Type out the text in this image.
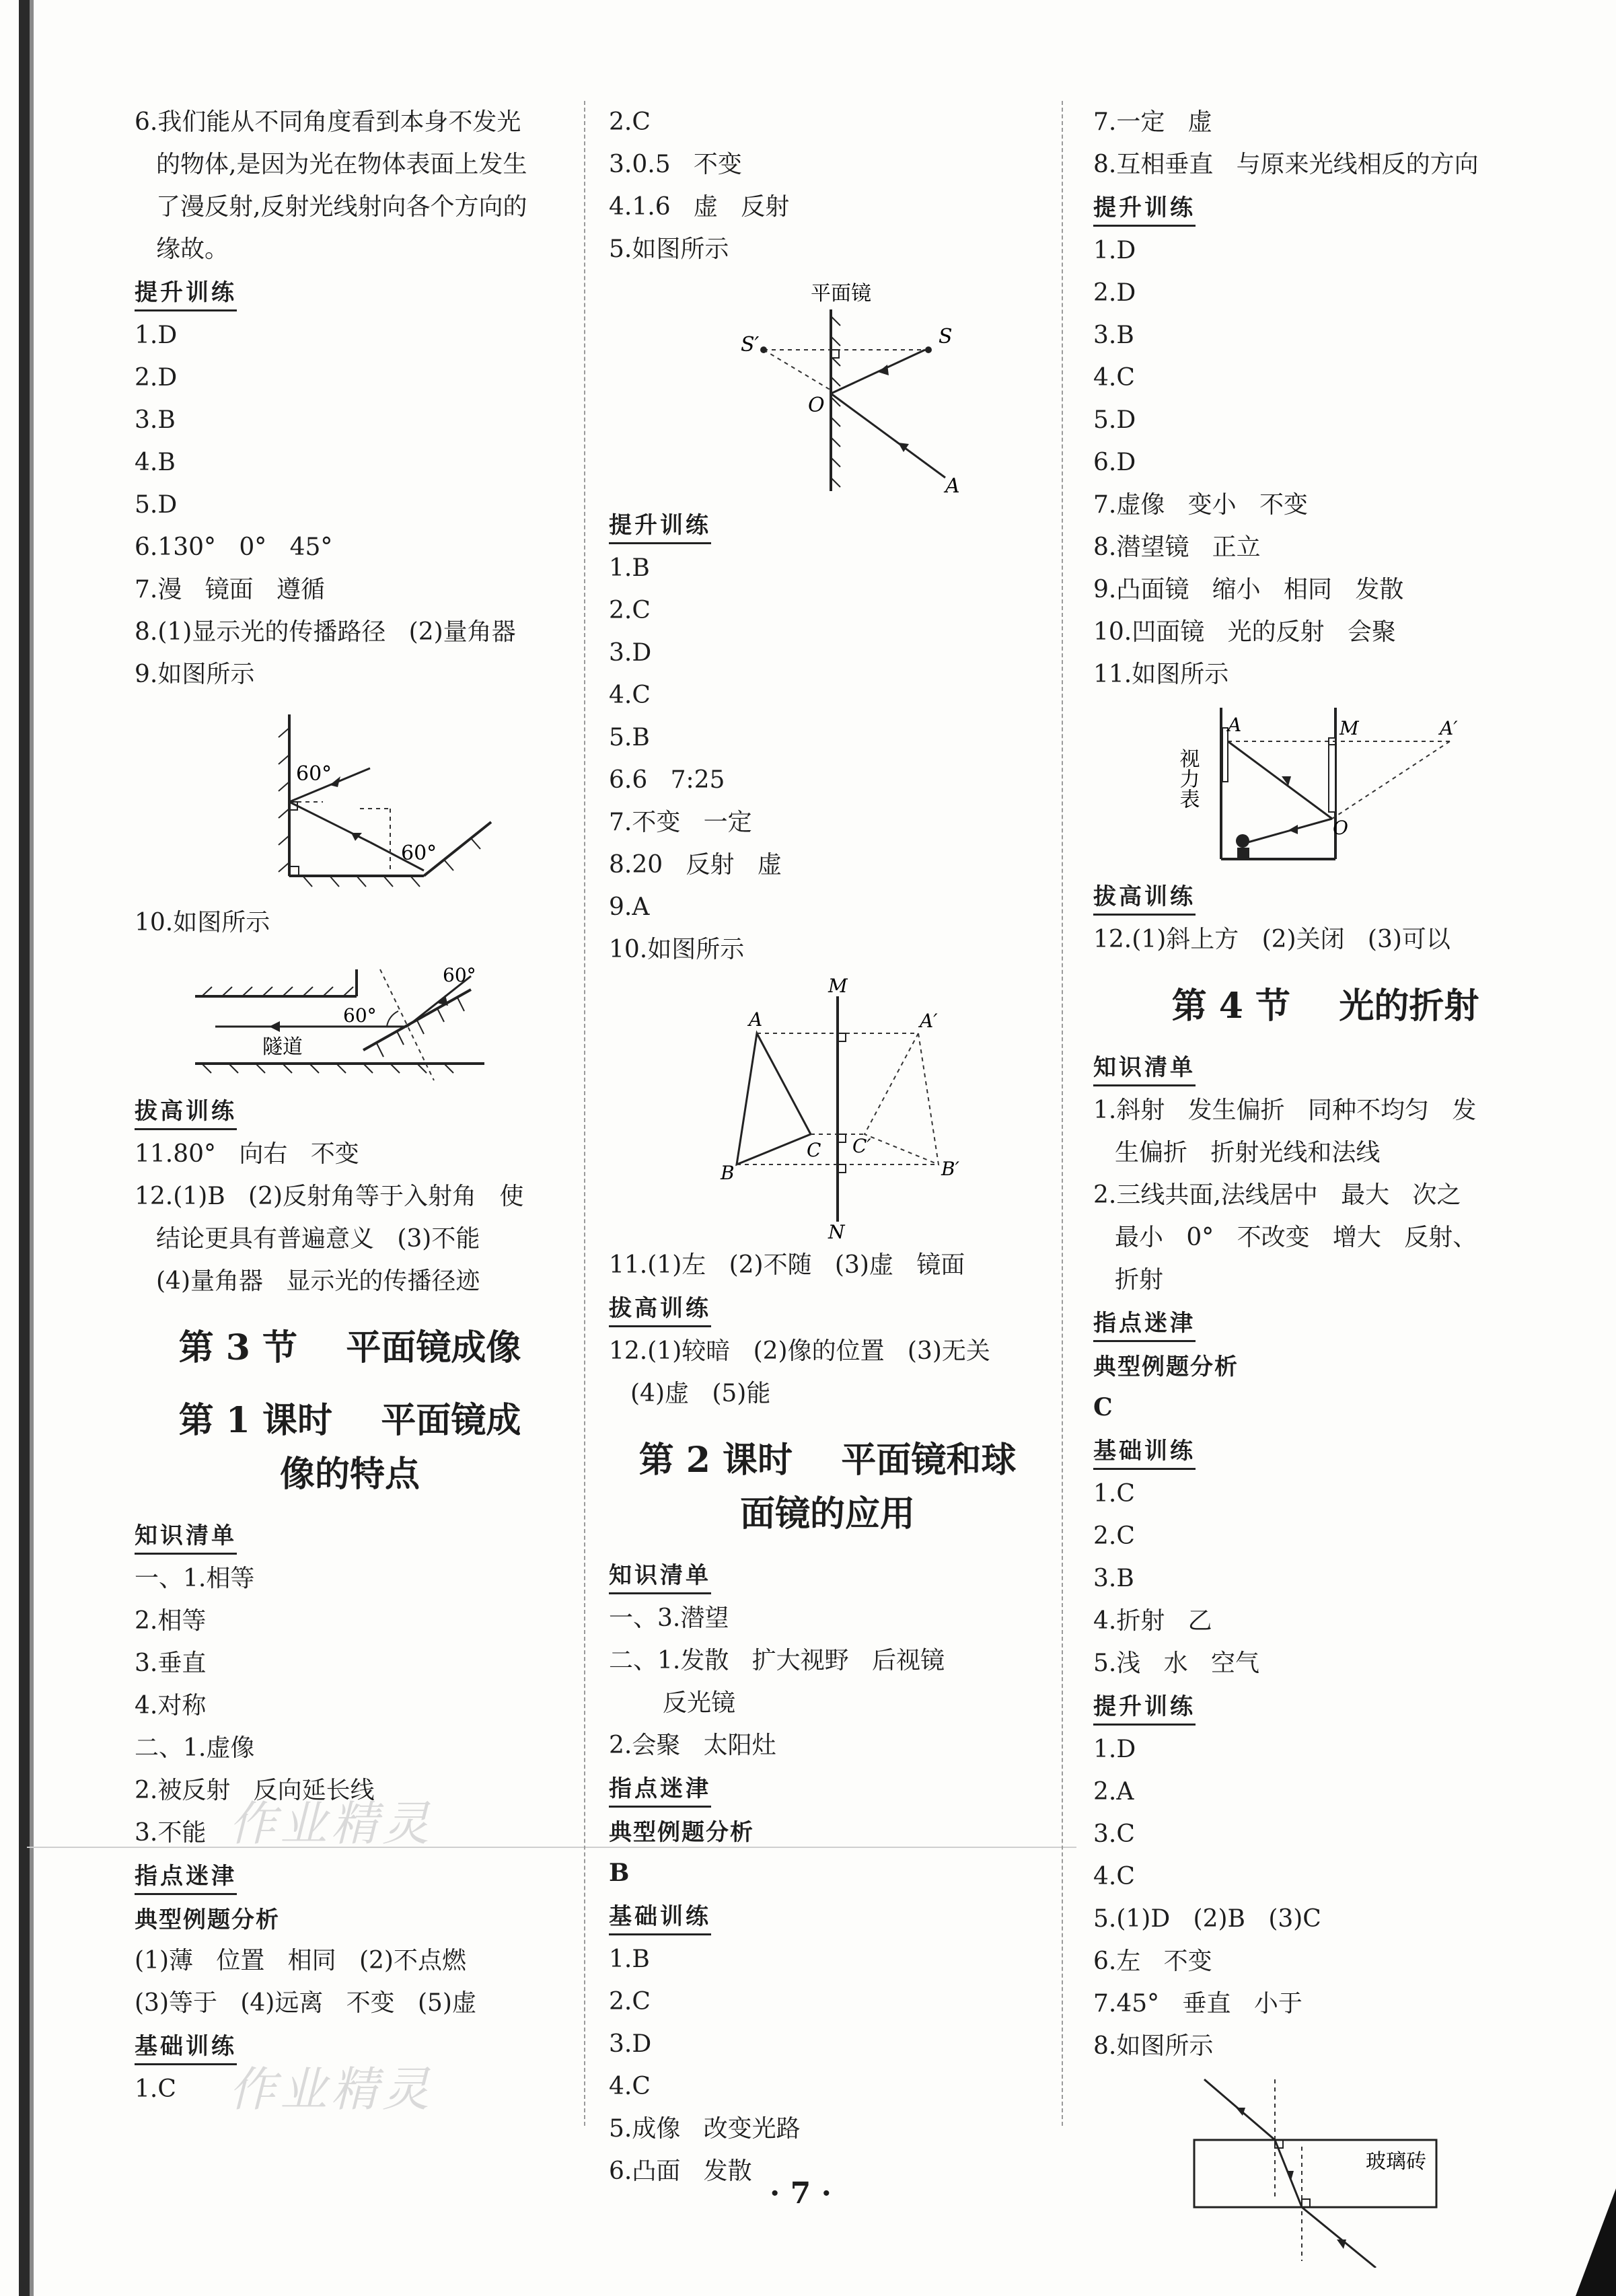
6.我们能从不同角度看到本身不发光
的物体,是因为光在物体表面上发生
了漫反射,反射光线射向各个方向的
缘故。
提升训练
1.D
2.D
3.B
4.B
5.D
6.130°   0°   45°
7.漫   镜面   遵循
8.(1)显示光的传播路径   (2)量角器
9.如图所示
60°
60°
10.如图所示
60°
60°
隧道
拔高训练
11.80°   向右   不变
12.(1)B   (2)反射角等于入射角   使
结论更具有普遍意义   (3)不能
(4)量角器   显示光的传播径迹
第 3 节    平面镜成像
第 1 课时    平面镜成
像的特点
知识清单
一、1.相等
2.相等
3.垂直
4.对称
二、1.虚像
2.被反射   反向延长线
3.不能
指点迷津
典型例题分析
(1)薄   位置   相同   (2)不点燃
(3)等于   (4)远离   不变   (5)虚
基础训练
1.C
2.C
3.0.5   不变
4.1.6   虚   反射
5.如图所示
平面镜
S′	S
O
A
提升训练
1.B
2.C
3.D
4.C
5.B
6.6   7:25
7.不变   一定
8.20   反射   虚
9.A
10.如图所示
M
N
A	A′
B	B′
C C′
11.(1)左   (2)不随   (3)虚   镜面
拔高训练
12.(1)较暗   (2)像的位置   (3)无关
(4)虚   (5)能
第 2 课时    平面镜和球
面镜的应用
知识清单
一、3.潜望
二、1.发散   扩大视野   后视镜
反光镜
2.会聚   太阳灶
指点迷津
典型例题分析
B
基础训练
1.B
2.C
3.D
4.C
5.成像   改变光路
6.凸面   发散
7.一定   虚
8.互相垂直   与原来光线相反的方向
提升训练
1.D
2.D
3.B
4.C
5.D
6.D
7.虚像   变小   不变
8.潜望镜   正立
9.凸面镜   缩小   相同   发散
10.凹面镜   光的反射   会聚
11.如图所示
视力表
A	M	A′
O
拔高训练
12.(1)斜上方   (2)关闭   (3)可以
第 4 节    光的折射
知识清单
1.斜射   发生偏折   同种不均匀   发
生偏折   折射光线和法线
2.三线共面,法线居中   最大   次之
最小   0°   不改变   增大   反射、
折射
指点迷津
典型例题分析
C
基础训练
1.C
2.C
3.B
4.折射   乙
5.浅   水   空气
提升训练
1.D
2.A
3.C
4.C
5.(1)D   (2)B   (3)C
6.左   不变
7.45°   垂直   小于
8.如图所示
玻璃砖
作业精灵
作业精灵
· 7 ·
